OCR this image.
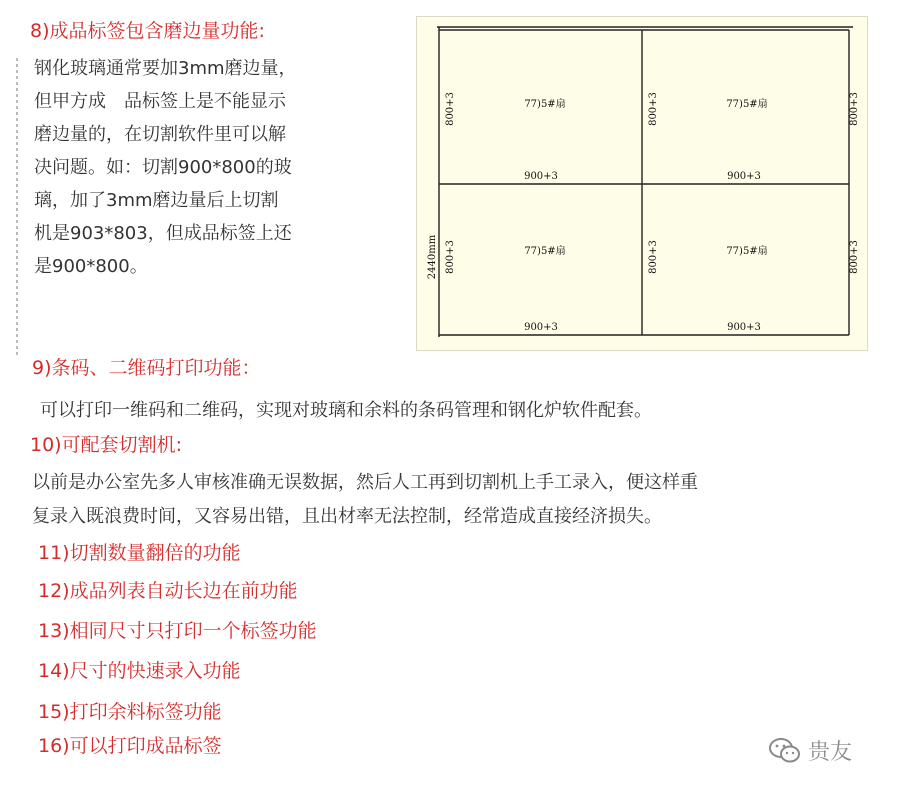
8)成品标签包含磨边量功能:
钢化玻璃通常要加3mm磨边量，
但甲方成　品标签上是不能显示
磨边量的，在切割软件里可以解
决问题。如：切割900*800的玻
璃，加了3mm磨边量后上切割
机是903*803，但成品标签上还
是900*800。	2440mm
800+3	77)5#扇
900+3
800+3	77)5#扇
900+3
800+3
800+3	77)5#扇
900+3
800+3	77)5#扇
900+3
800+3
9)条码、二维码打印功能：
可以打印一维码和二维码，实现对玻璃和余料的条码管理和钢化炉软件配套。
10)可配套切割机:
以前是办公室先多人审核准确无误数据，然后人工再到切割机上手工录入，便这样重
复录入既浪费时间，又容易出错，且出材率无法控制，经常造成直接经济损失。
11)切割数量翻倍的功能
12)成品列表自动长边在前功能
13)相同尺寸只打印一个标签功能
14)尺寸的快速录入功能
15)打印余料标签功能
16)可以打印成品标签	贵友
